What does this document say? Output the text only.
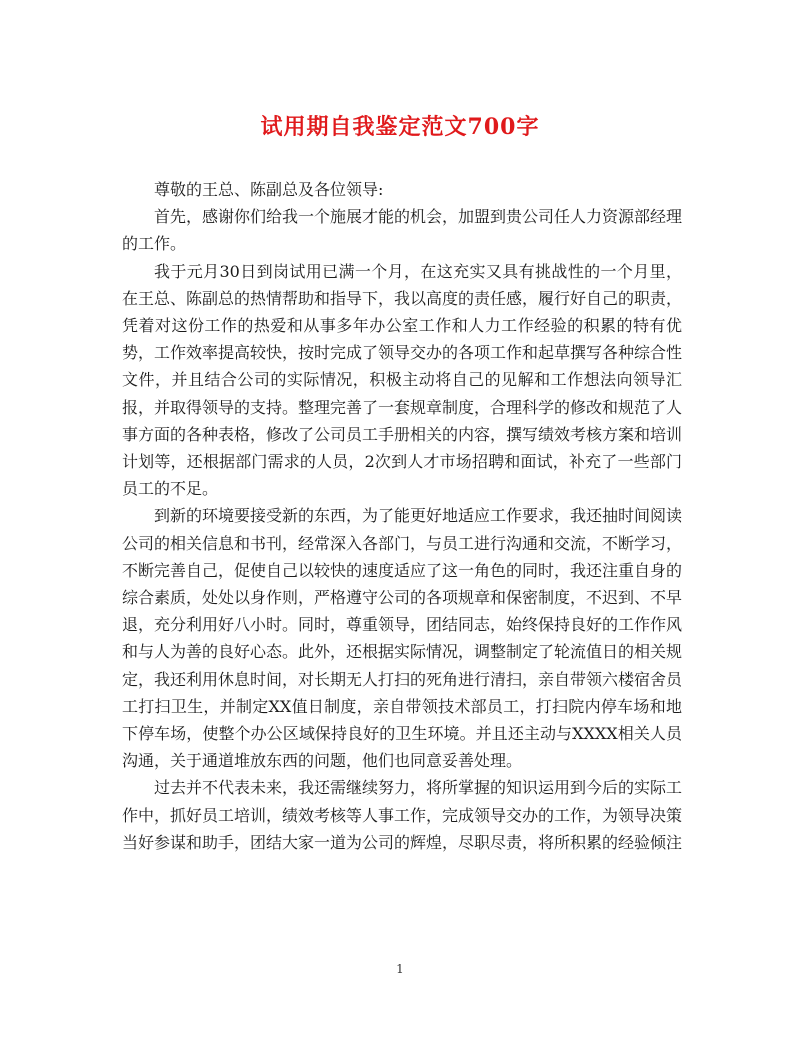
试用期自我鉴定范文700字

尊敬的王总、陈副总及各位领导:

首先，感谢你们给我一个施展才能的机会，加盟到贵公司任人力资源部经理的工作。

我于元月30日到岗试用已满一个月，在这充实又具有挑战性的一个月里，在王总、陈副总的热情帮助和指导下，我以高度的责任感，履行好自己的职责，凭着对这份工作的热爱和从事多年办公室工作和人力工作经验的积累的特有优势，工作效率提高较快，按时完成了领导交办的各项工作和起草撰写各种综合性文件，并且结合公司的实际情况，积极主动将自己的见解和工作想法向领导汇报，并取得领导的支持。整理完善了一套规章制度，合理科学的修改和规范了人事方面的各种表格，修改了公司员工手册相关的内容，撰写绩效考核方案和培训计划等，还根据部门需求的人员，2次到人才市场招聘和面试，补充了一些部门员工的不足。

到新的环境要接受新的东西，为了能更好地适应工作要求，我还抽时间阅读公司的相关信息和书刊，经常深入各部门，与员工进行沟通和交流，不断学习，不断完善自己，促使自己以较快的速度适应了这一角色的同时，我还注重自身的综合素质，处处以身作则，严格遵守公司的各项规章和保密制度，不迟到、不早退，充分利用好八小时。同时，尊重领导，团结同志，始终保持良好的工作作风和与人为善的良好心态。此外，还根据实际情况，调整制定了轮流值日的相关规定，我还利用休息时间，对长期无人打扫的死角进行清扫，亲自带领六楼宿舍员工打扫卫生，并制定XX值日制度，亲自带领技术部员工，打扫院内停车场和地下停车场，使整个办公区域保持良好的卫生环境。并且还主动与XXXX相关人员沟通，关于通道堆放东西的问题，他们也同意妥善处理。

过去并不代表未来，我还需继续努力，将所掌握的知识运用到今后的实际工作中，抓好员工培训，绩效考核等人事工作，完成领导交办的工作，为领导决策当好参谋和助手，团结大家一道为公司的辉煌，尽职尽责，将所积累的经验倾注

1
